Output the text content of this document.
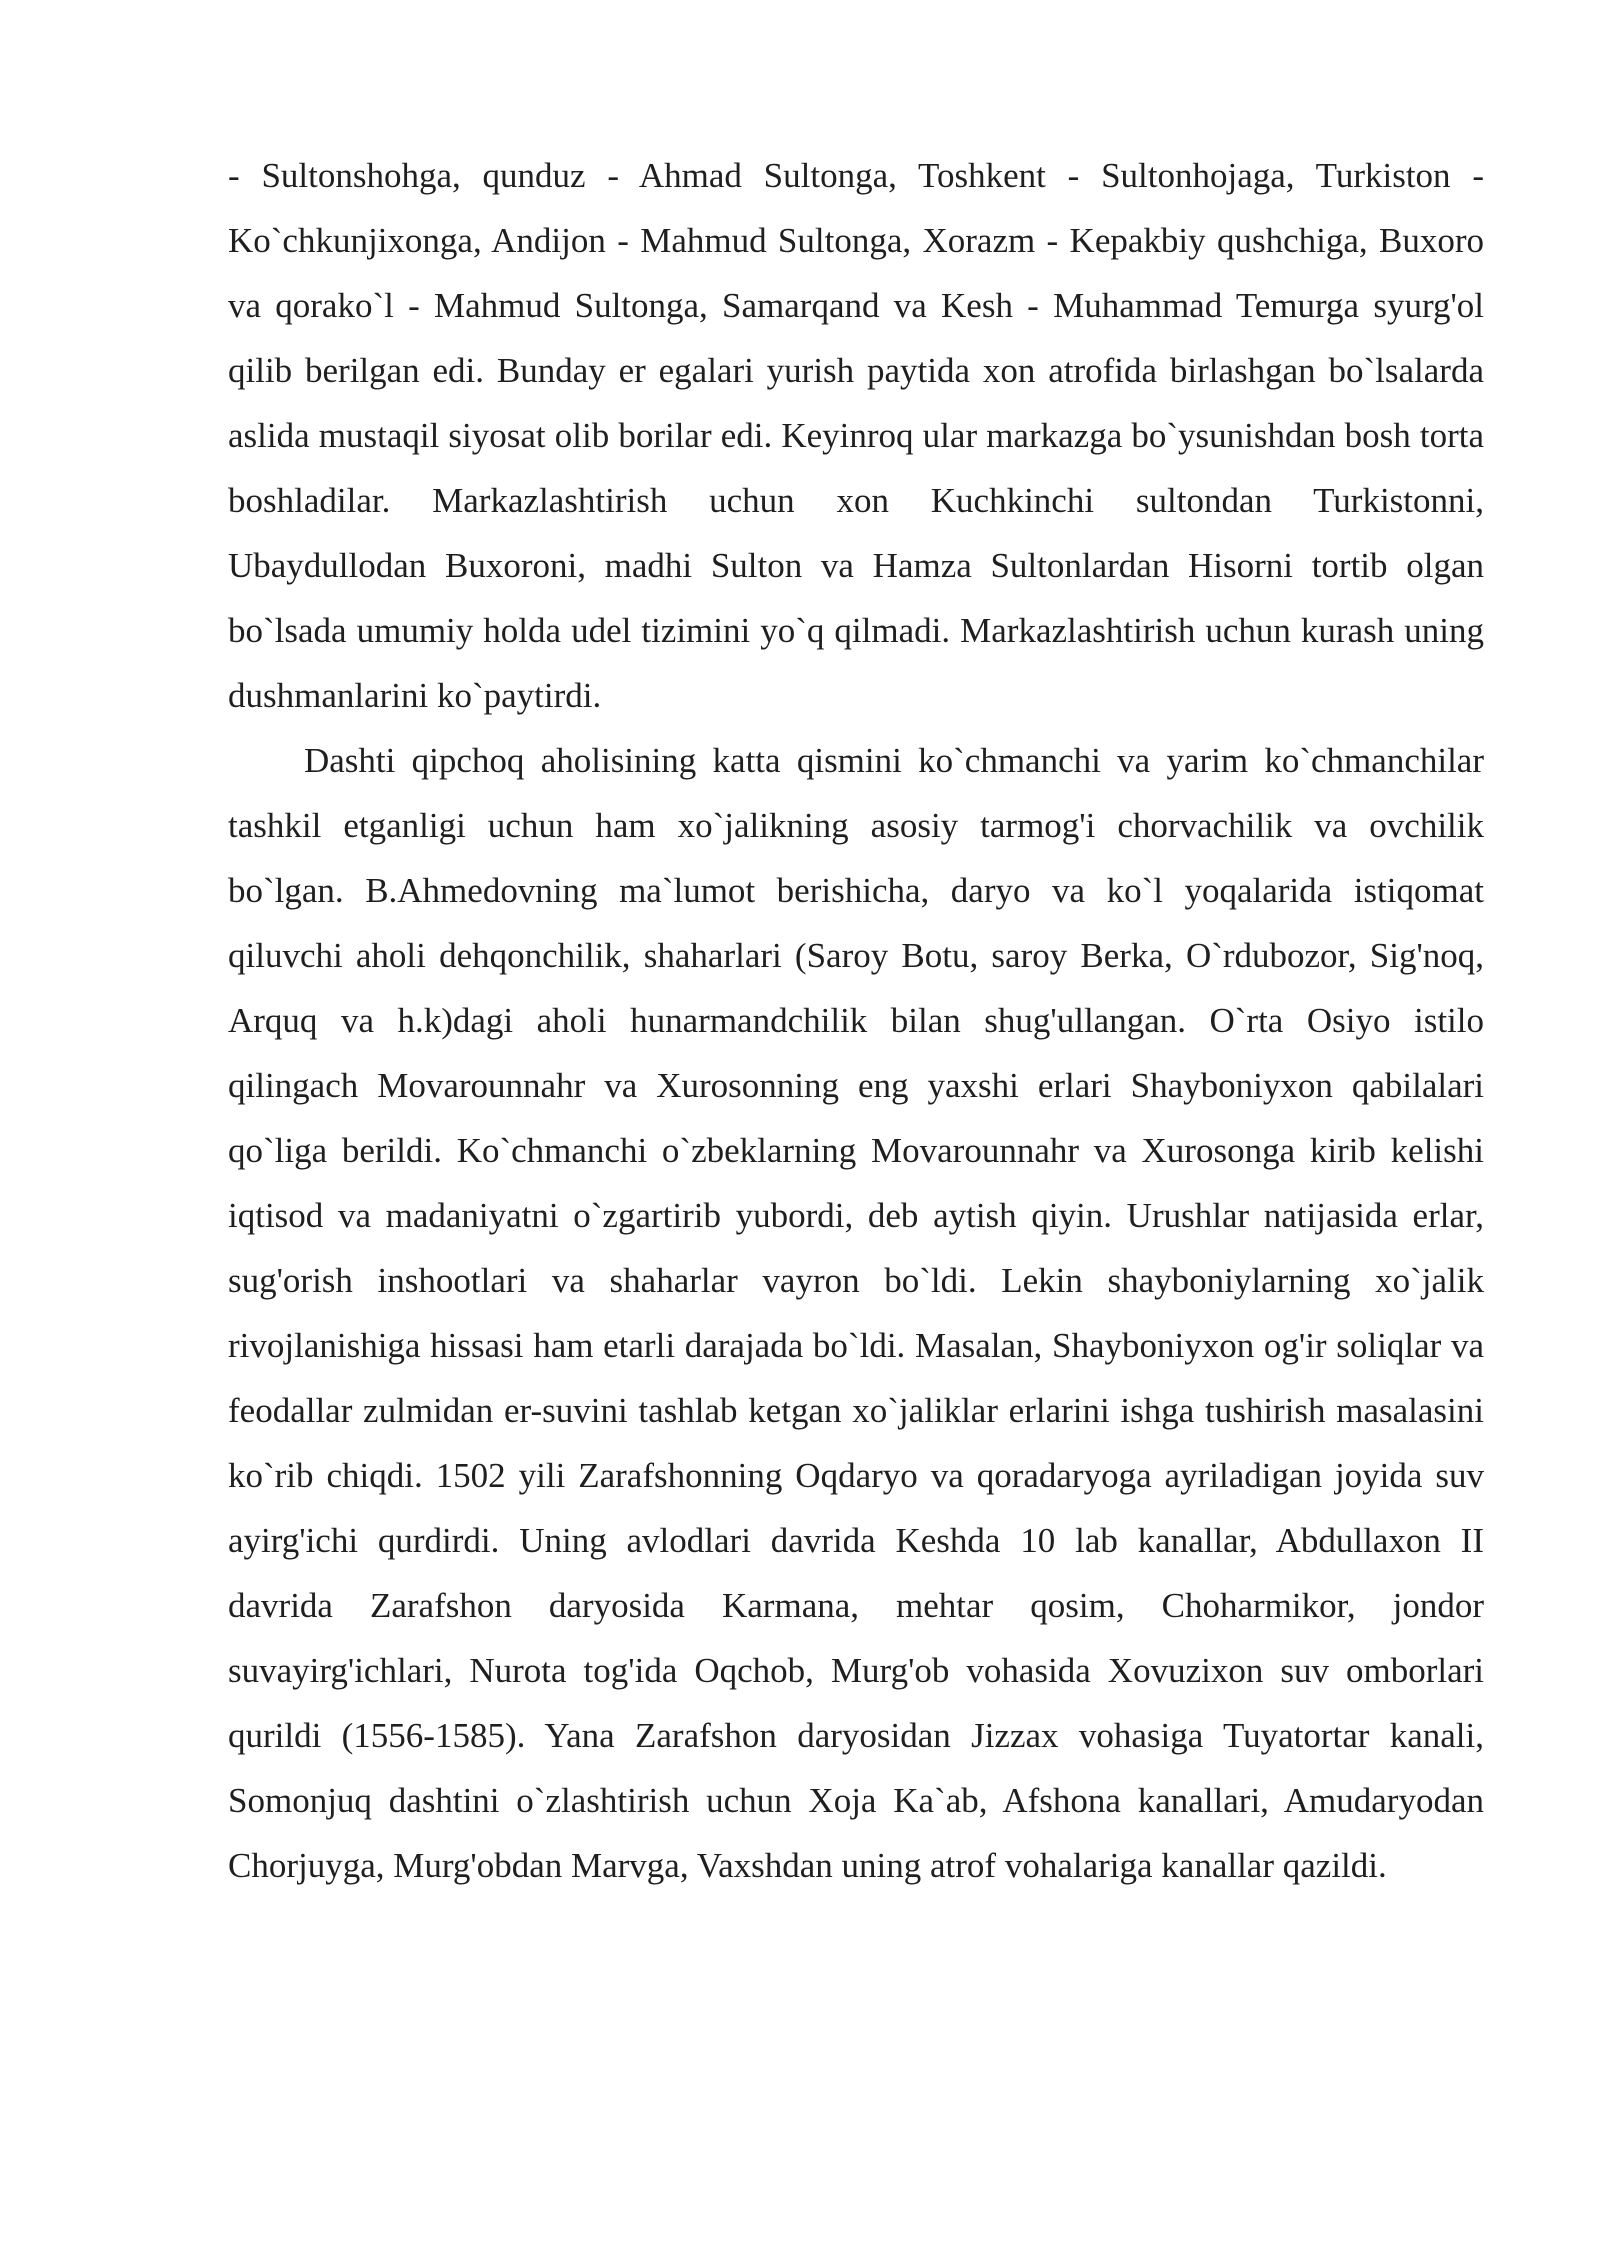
- Sultonshohga, qunduz - Ahmad Sultonga, Toshkent - Sultonhojaga, Turkiston - Ko`chkunjixonga, Andijon - Mahmud Sultonga, Xorazm - Kepakbiy qushchiga, Buxoro va qorako`l - Mahmud Sultonga, Samarqand va Kesh - Muhammad Temurga syurg'ol qilib berilgan edi. Bunday er egalari yurish paytida xon atrofida birlashgan bo`lsalarda aslida mustaqil siyosat olib borilar edi. Keyinroq ular markazga bo`ysunishdan bosh torta boshladilar. Markazlashtirish uchun xon Kuchkinchi sultondan Turkistonni, Ubaydullodan Buxoroni, madhi Sulton va Hamza Sultonlardan Hisorni tortib olgan bo`lsada umumiy holda udel tizimini yo`q qilmadi. Markazlashtirish uchun kurash uning dushmanlarini ko`paytirdi.

Dashti qipchoq aholisining katta qismini ko`chmanchi va yarim ko`chmanchilar tashkil etganligi uchun ham xo`jalikning asosiy tarmog'i chorvachilik va ovchilik bo`lgan. B.Ahmedovning ma`lumot berishicha, daryo va ko`l yoqalarida istiqomat qiluvchi aholi dehqonchilik, shaharlari (Saroy Botu, saroy Berka, O`rdubozor, Sig'noq, Arquq va h.k)dagi aholi hunarmandchilik bilan shug'ullangan. O`rta Osiyo istilo qilingach Movarounnahr va Xurosonning eng yaxshi erlari Shayboniyxon qabilalari qo`liga berildi. Ko`chmanchi o`zbeklarning Movarounnahr va Xurosonga kirib kelishi iqtisod va madaniyatni o`zgartirib yubordi, deb aytish qiyin. Urushlar natijasida erlar, sug'orish inshootlari va shaharlar vayron bo`ldi. Lekin shayboniylarning xo`jalik rivojlanishiga hissasi ham etarli darajada bo`ldi. Masalan, Shayboniyxon og'ir soliqlar va feodallar zulmidan er-suvini tashlab ketgan xo`jaliklar erlarini ishga tushirish masalasini ko`rib chiqdi. 1502 yili Zarafshonning Oqdaryo va qoradaryoga ayriladigan joyida suv ayirg'ichi qurdirdi. Uning avlodlari davrida Keshda 10 lab kanallar, Abdullaxon II davrida Zarafshon daryosida Karmana, mehtar qosim, Choharmikor, jondor suvayirg'ichlari, Nurota tog'ida Oqchob, Murg'ob vohasida Xovuzixon suv omborlari qurildi (1556-1585). Yana Zarafshon daryosidan Jizzax vohasiga Tuyatortar kanali, Somonjuq dashtini o`zlashtirish uchun Xoja Ka`ab, Afshona kanallari, Amudaryodan Chorjuyga, Murg'obdan Marvga, Vaxshdan uning atrof vohalariga kanallar qazildi.
